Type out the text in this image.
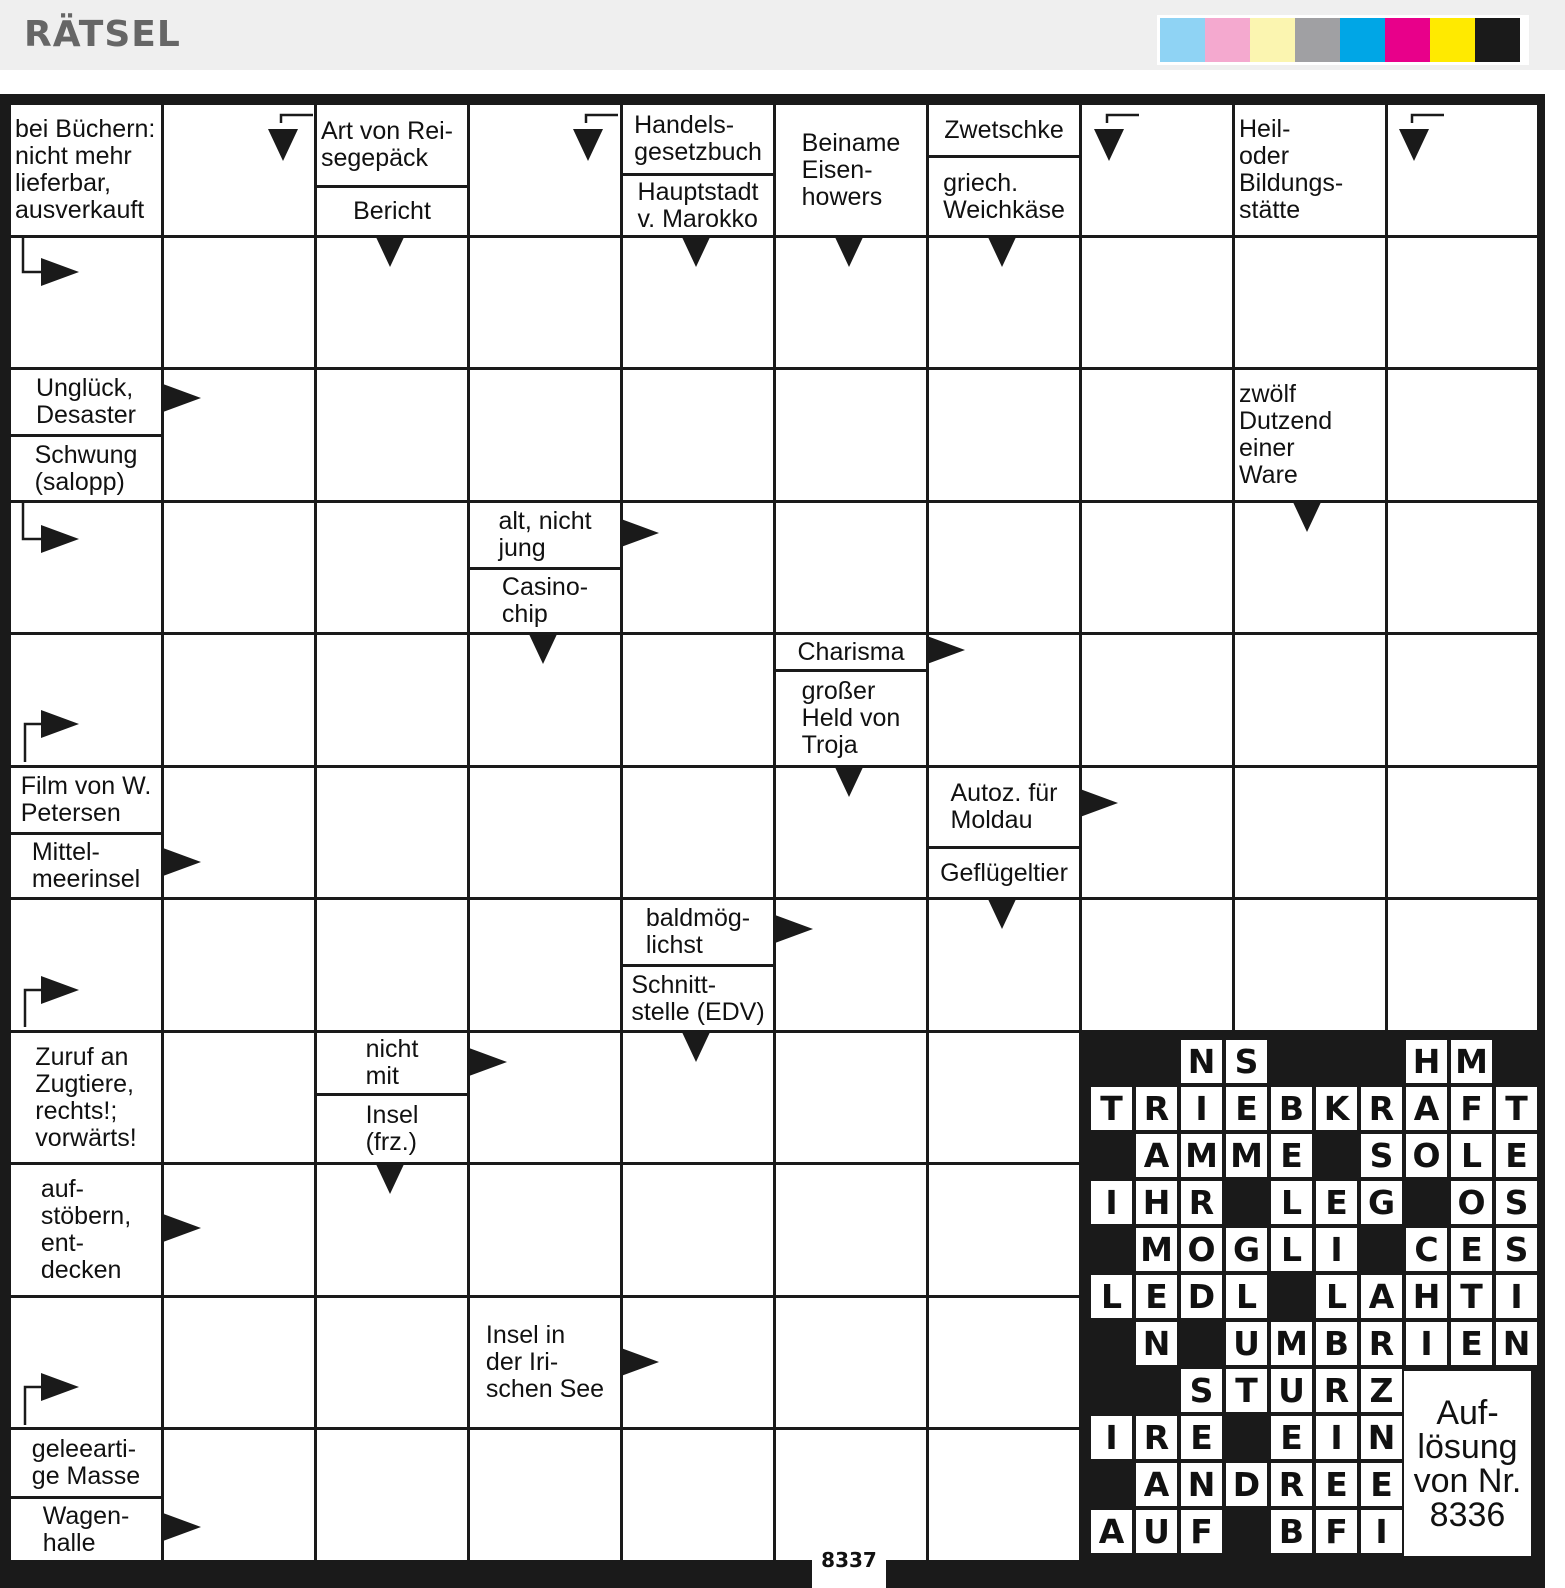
RÄTSEL
bei Büchern:
nicht mehr
lieferbar,
ausverkauft
Art von Rei-
segepäck
Bericht
Handels-
gesetzbuch
Hauptstadt
v. Marokko
Beiname
Eisen-
howers
Zwetschke
griech.
Weichkäse
Heil-
oder
Bildungs-
stätte
Unglück,
Desaster
Schwung
(salopp)
zwölf
Dutzend
einer
Ware
alt, nicht
jung
Casino-
chip
Charisma
großer
Held von
Troja
Film von W.
Petersen
Mittel-
meerinsel
Autoz. für
Moldau
Geflügeltier
baldmög-
lichst
Schnitt-
stelle (EDV)
Zuruf an
Zugtiere,
rechts!;
vorwärts!
nicht
mit
Insel
(frz.)
auf-
stöbern,
ent-
decken
Insel in
der Iri-
schen See
geleearti-
ge Masse
Wagen-
halle
N S	H M
T R I E B K R A F T
A M M E S O L E
I H R	L E G O S
M O G L I	C E S
L E D L	L A H T I
N U M B R I E N
S T U R Z
I R E E I N
A N D R E E
A U F B F I
Auf-
lösung
von Nr.
8336
8337
